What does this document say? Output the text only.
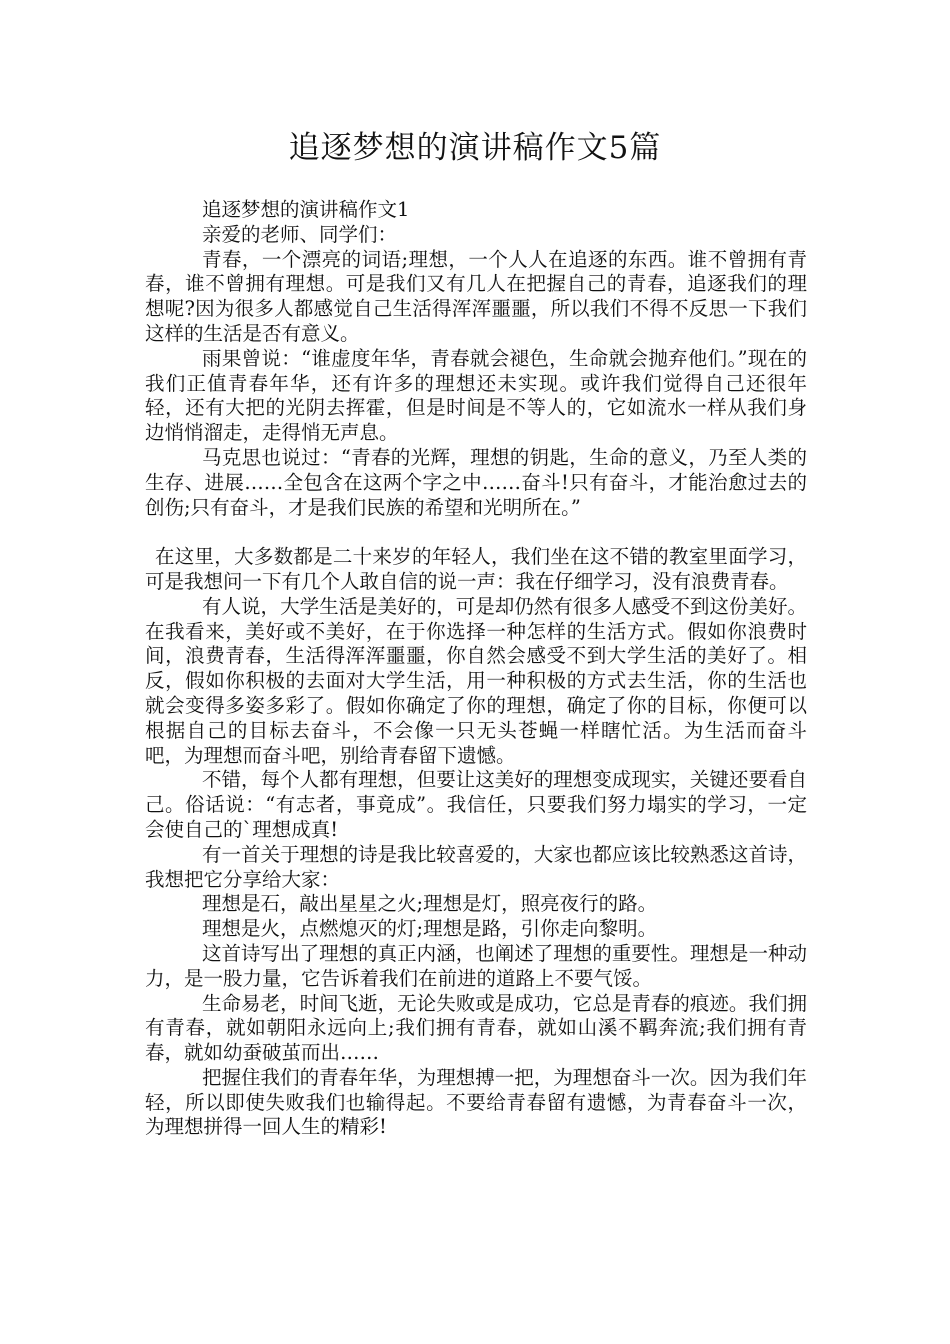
追逐梦想的演讲稿作文5篇

追逐梦想的演讲稿作文1

亲爱的老师、同学们：

青春，一个漂亮的词语;理想，一个人人在追逐的东西。谁不曾拥有青春，谁不曾拥有理想。可是我们又有几人在把握自己的青春，追逐我们的理想呢?因为很多人都感觉自己生活得浑浑噩噩，所以我们不得不反思一下我们这样的生活是否有意义。

雨果曾说：“谁虚度年华，青春就会褪色，生命就会抛弃他们。”现在的我们正值青春年华，还有许多的理想还未实现。或许我们觉得自己还很年轻，还有大把的光阴去挥霍，但是时间是不等人的，它如流水一样从我们身边悄悄溜走，走得悄无声息。

马克思也说过：“青春的光辉，理想的钥匙，生命的意义，乃至人类的生存、进展……全包含在这两个字之中……奋斗!只有奋斗，才能治愈过去的创伤;只有奋斗，才是我们民族的希望和光明所在。”

在这里，大多数都是二十来岁的年轻人，我们坐在这不错的教室里面学习，可是我想问一下有几个人敢自信的说一声：我在仔细学习，没有浪费青春。

有人说，大学生活是美好的，可是却仍然有很多人感受不到这份美好。在我看来，美好或不美好，在于你选择一种怎样的生活方式。假如你浪费时间，浪费青春，生活得浑浑噩噩，你自然会感受不到大学生活的美好了。相反，假如你积极的去面对大学生活，用一种积极的方式去生活，你的生活也就会变得多姿多彩了。假如你确定了你的理想，确定了你的目标，你便可以根据自己的目标去奋斗，不会像一只无头苍蝇一样瞎忙活。为生活而奋斗吧，为理想而奋斗吧，别给青春留下遗憾。

不错，每个人都有理想，但要让这美好的理想变成现实，关键还要看自己。俗话说：“有志者，事竟成”。我信任，只要我们努力塌实的学习，一定会使自己的`理想成真!

有一首关于理想的诗是我比较喜爱的，大家也都应该比较熟悉这首诗，我想把它分享给大家：

理想是石，敲出星星之火;理想是灯，照亮夜行的路。

理想是火，点燃熄灭的灯;理想是路，引你走向黎明。

这首诗写出了理想的真正内涵，也阐述了理想的重要性。理想是一种动力，是一股力量，它告诉着我们在前进的道路上不要气馁。

生命易老，时间飞逝，无论失败或是成功，它总是青春的痕迹。我们拥有青春，就如朝阳永远向上;我们拥有青春，就如山溪不羁奔流;我们拥有青春，就如幼蚕破茧而出……

把握住我们的青春年华，为理想搏一把，为理想奋斗一次。因为我们年轻，所以即使失败我们也输得起。不要给青春留有遗憾，为青春奋斗一次，为理想拼得一回人生的精彩!
